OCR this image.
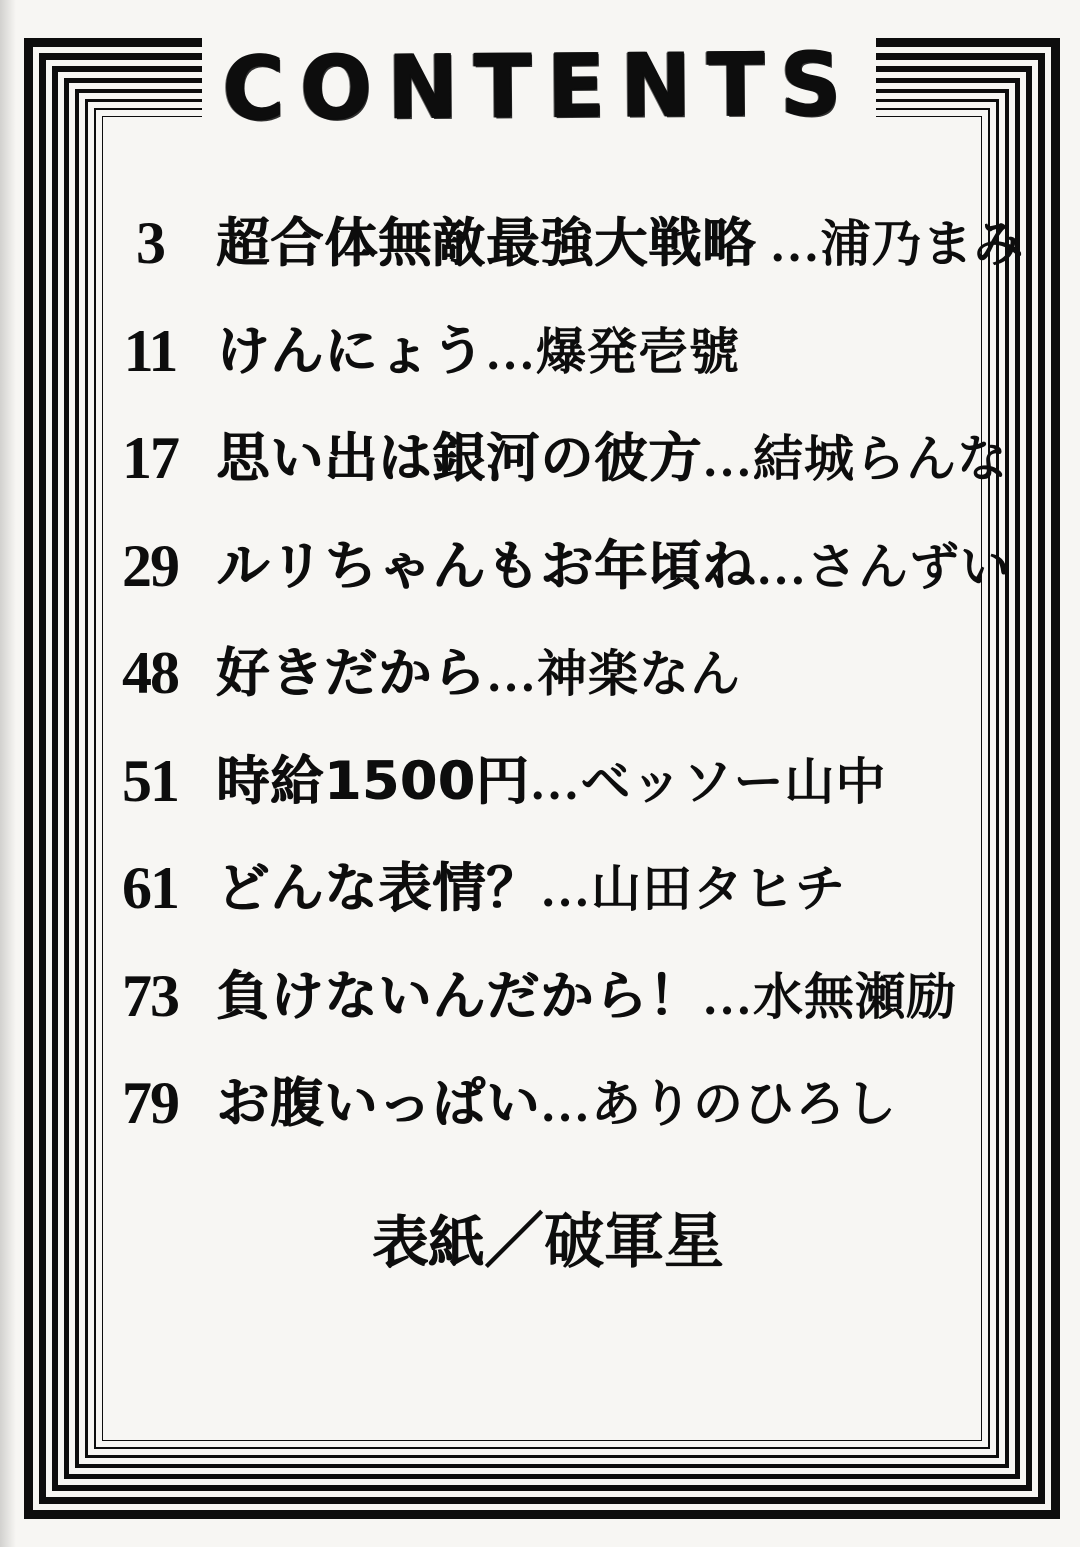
CONTENTS
3 超合体無敵最強大戦略 …浦乃まみ
11 けんにょう…爆発壱號
17 思い出は銀河の彼方…結城らんな
29 ルリちゃんもお年頃ね…さんずい
48 好きだから…神楽なん
51 時給1500円…ベッソー山中
61 どんな表情？…山田タヒチ
73 負けないんだから！…水無瀬励
79 お腹いっぱい…ありのひろし
表紙／破軍星
